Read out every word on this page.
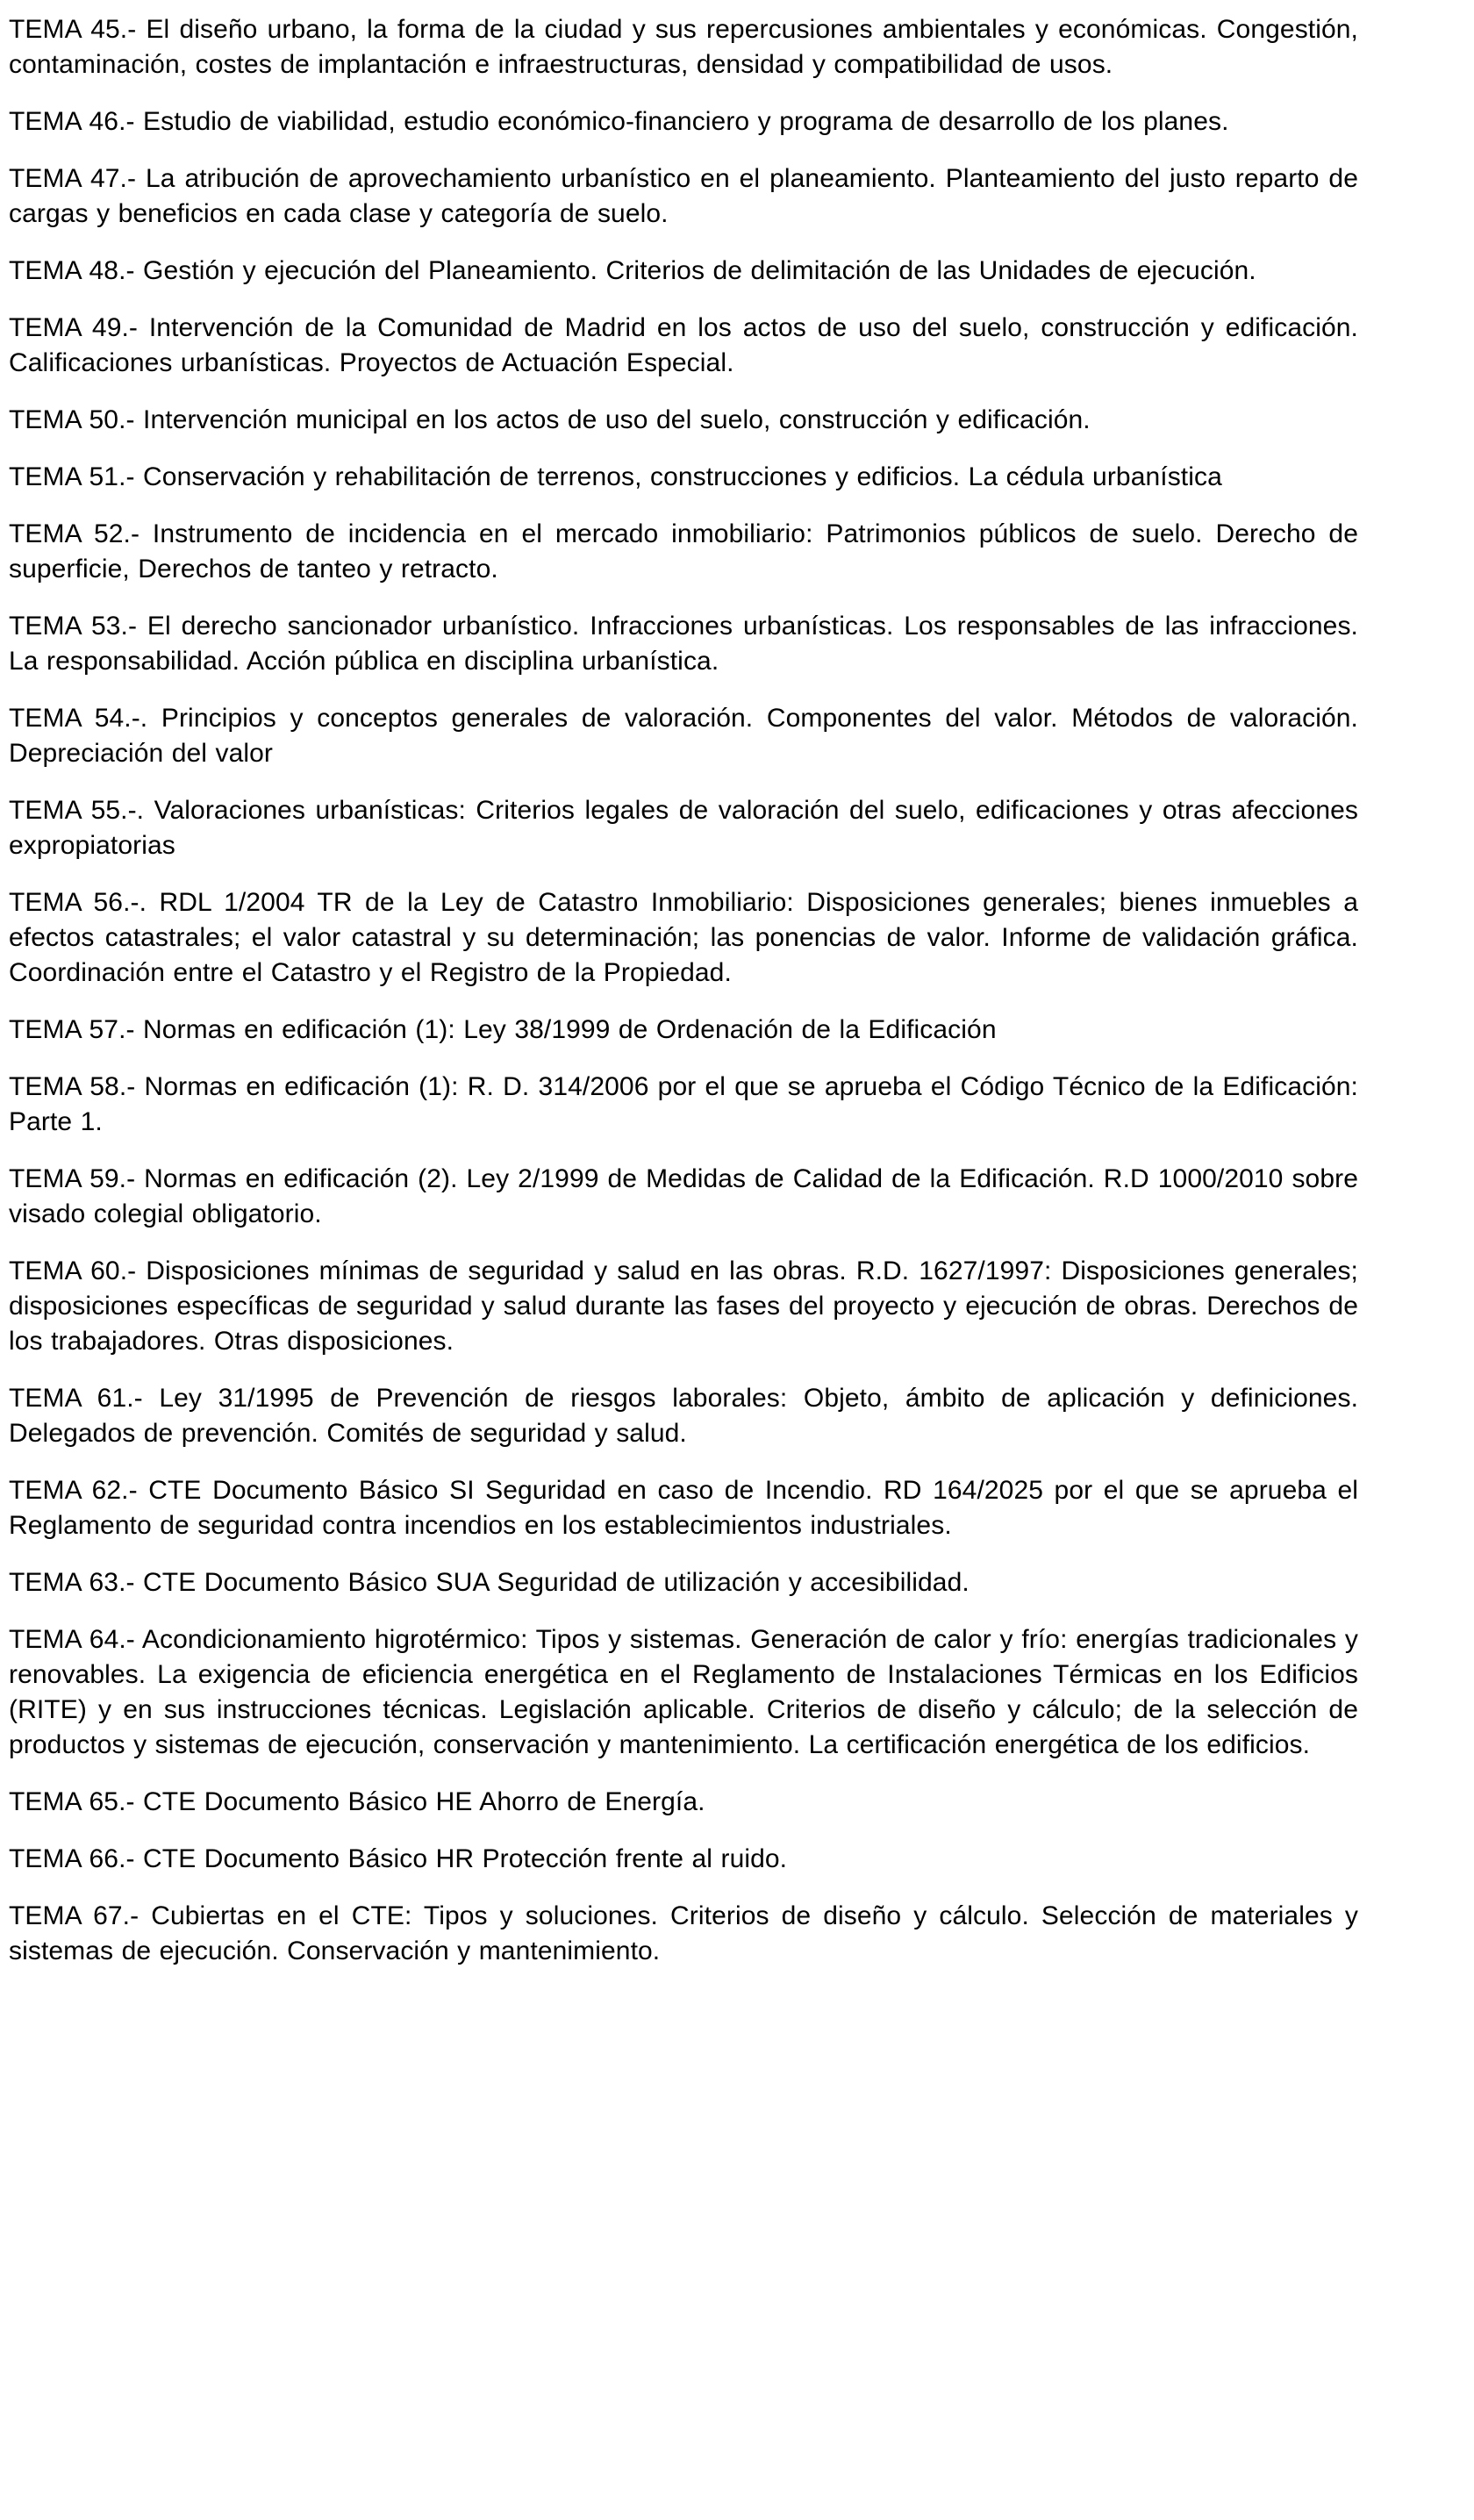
TEMA 45.- El diseño urbano, la forma de la ciudad y sus repercusiones ambientales y económicas. Congestión, contaminación, costes de implantación e infraestructuras, densidad y compatibilidad de usos.

TEMA 46.- Estudio de viabilidad, estudio económico-financiero y programa de desarrollo de los planes.

TEMA 47.- La atribución de aprovechamiento urbanístico en el planeamiento. Planteamiento del justo reparto de cargas y beneficios en cada clase y categoría de suelo.

TEMA 48.- Gestión y ejecución del Planeamiento. Criterios de delimitación de las Unidades de ejecución.

TEMA 49.- Intervención de la Comunidad de Madrid en los actos de uso del suelo, construcción y edificación. Calificaciones urbanísticas. Proyectos de Actuación Especial.

TEMA 50.- Intervención municipal en los actos de uso del suelo, construcción y edificación.

TEMA 51.- Conservación y rehabilitación de terrenos, construcciones y edificios. La cédula urbanística

TEMA 52.- Instrumento de incidencia en el mercado inmobiliario: Patrimonios públicos de suelo. Derecho de superficie, Derechos de tanteo y retracto.

TEMA 53.- El derecho sancionador urbanístico. Infracciones urbanísticas. Los responsables de las infracciones. La responsabilidad. Acción pública en disciplina urbanística.

TEMA 54.-. Principios y conceptos generales de valoración. Componentes del valor. Métodos de valoración. Depreciación del valor

TEMA 55.-. Valoraciones urbanísticas: Criterios legales de valoración del suelo, edificaciones y otras afecciones expropiatorias

TEMA 56.-. RDL 1/2004 TR de la Ley de Catastro Inmobiliario: Disposiciones generales; bienes inmuebles a efectos catastrales; el valor catastral y su determinación; las ponencias de valor. Informe de validación gráfica. Coordinación entre el Catastro y el Registro de la Propiedad.

TEMA 57.- Normas en edificación (1): Ley 38/1999 de Ordenación de la Edificación

TEMA 58.- Normas en edificación (1): R. D. 314/2006 por el que se aprueba el Código Técnico de la Edificación: Parte 1.

TEMA 59.- Normas en edificación (2). Ley 2/1999 de Medidas de Calidad de la Edificación. R.D 1000/2010 sobre visado colegial obligatorio.

TEMA 60.- Disposiciones mínimas de seguridad y salud en las obras. R.D. 1627/1997: Disposiciones generales; disposiciones específicas de seguridad y salud durante las fases del proyecto y ejecución de obras. Derechos de los trabajadores. Otras disposiciones.

TEMA 61.- Ley 31/1995 de Prevención de riesgos laborales: Objeto, ámbito de aplicación y definiciones. Delegados de prevención. Comités de seguridad y salud.

TEMA 62.- CTE Documento Básico SI Seguridad en caso de Incendio. RD 164/2025 por el que se aprueba el Reglamento de seguridad contra incendios en los establecimientos industriales.

TEMA 63.- CTE Documento Básico SUA Seguridad de utilización y accesibilidad.

TEMA 64.- Acondicionamiento higrotérmico: Tipos y sistemas. Generación de calor y frío: energías tradicionales y renovables. La exigencia de eficiencia energética en el Reglamento de Instalaciones Térmicas en los Edificios (RITE) y en sus instrucciones técnicas. Legislación aplicable. Criterios de diseño y cálculo; de la selección de productos y sistemas de ejecución, conservación y mantenimiento. La certificación energética de los edificios.

TEMA 65.- CTE Documento Básico HE Ahorro de Energía.

TEMA 66.- CTE Documento Básico HR Protección frente al ruido.

TEMA 67.- Cubiertas en el CTE: Tipos y soluciones. Criterios de diseño y cálculo. Selección de materiales y sistemas de ejecución. Conservación y mantenimiento.
